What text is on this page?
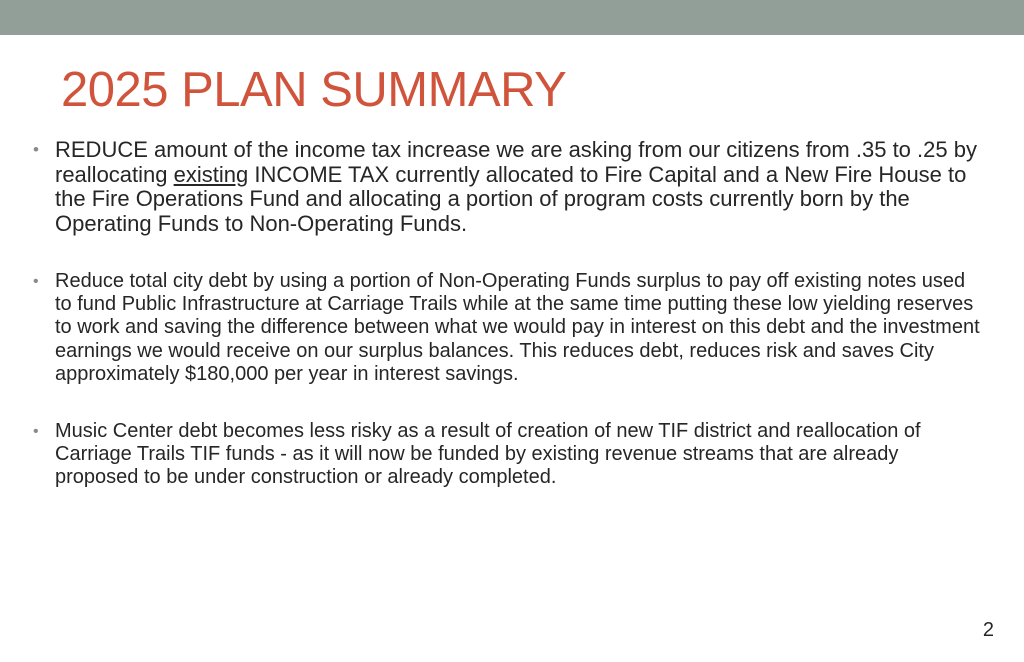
2025 PLAN SUMMARY
• REDUCE amount of the income tax increase we are asking from our citizens from .35 to .25 by reallocating existing INCOME TAX currently allocated to Fire Capital and a New Fire House to the Fire Operations Fund and allocating a portion of program costs currently born by the Operating Funds to Non-Operating Funds.
• Reduce total city debt by using a portion of Non-Operating Funds surplus to pay off existing notes used to fund Public Infrastructure at Carriage Trails while at the same time putting these low yielding reserves to work and saving the difference between what we would pay in interest on this debt and the investment earnings we would receive on our surplus balances. This reduces debt, reduces risk and saves City approximately $180,000 per year in interest savings.
• Music Center debt becomes less risky as a result of creation of new TIF district and reallocation of Carriage Trails TIF funds - as it will now be funded by existing revenue streams that are already proposed to be under construction or already completed.
2
